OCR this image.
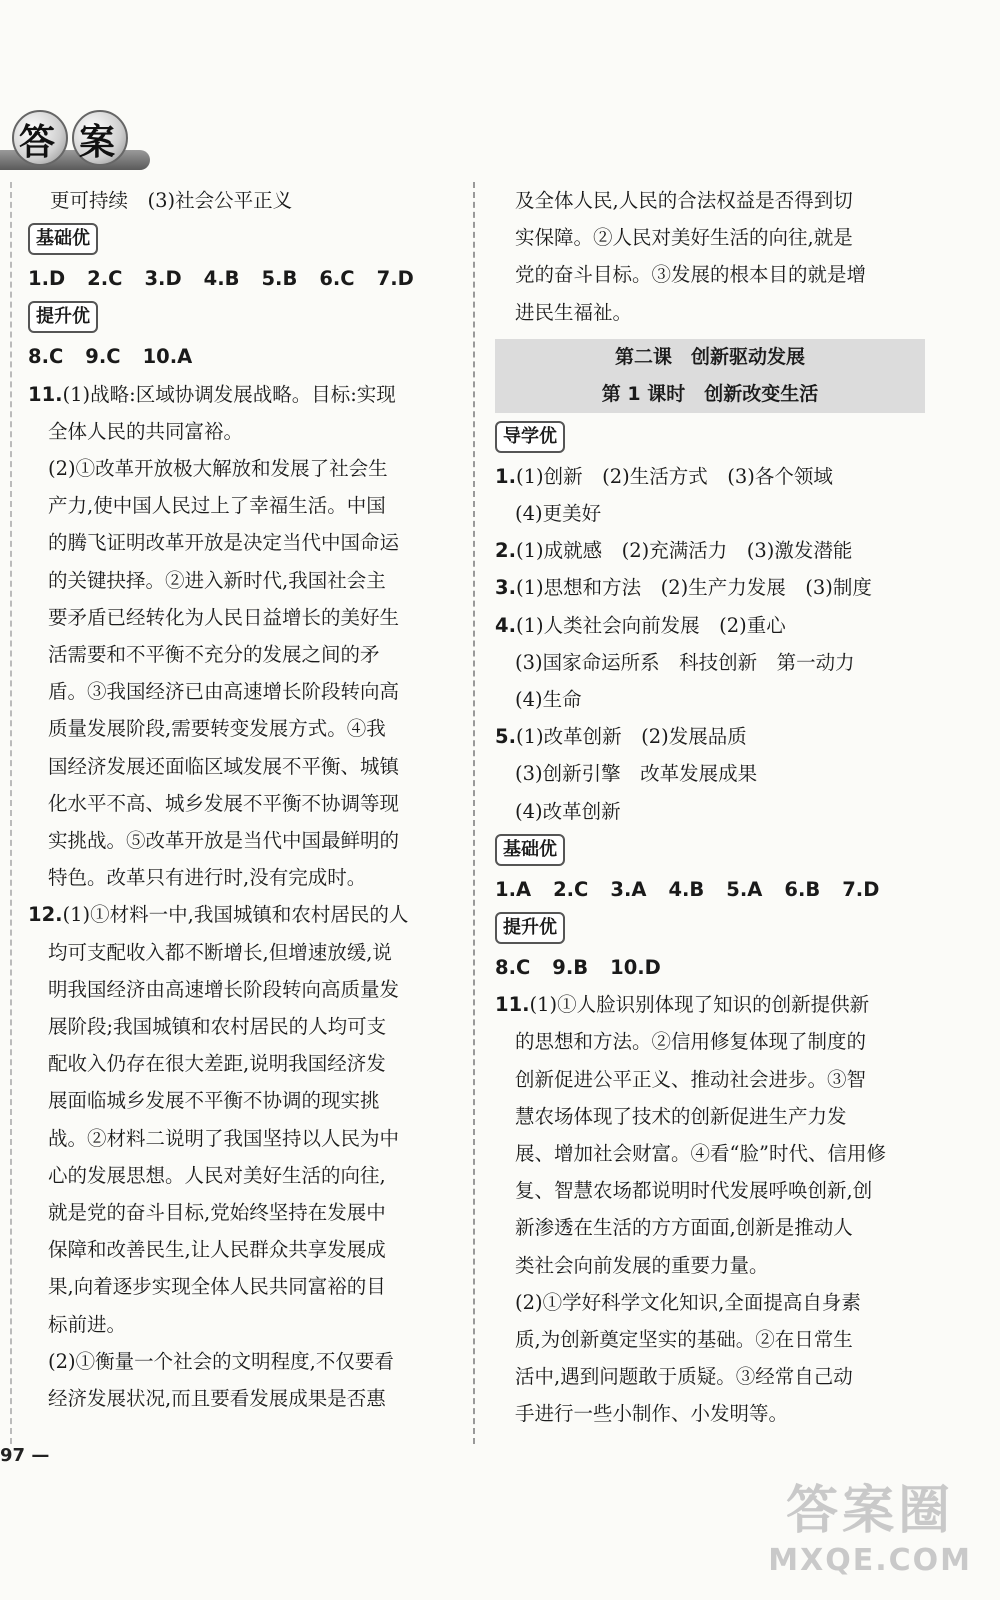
答 案
更可持续　(3)社会公平正义
基础优
1.D 2.C 3.D 4.B 5.B 6.C 7.D
提升优
8.C 9.C 10.A
11.(1)战略:区域协调发展战略。目标:实现
全体人民的共同富裕。
(2)①改革开放极大解放和发展了社会生
产力,使中国人民过上了幸福生活。中国
的腾飞证明改革开放是决定当代中国命运
的关键抉择。②进入新时代,我国社会主
要矛盾已经转化为人民日益增长的美好生
活需要和不平衡不充分的发展之间的矛
盾。③我国经济已由高速增长阶段转向高
质量发展阶段,需要转变发展方式。④我
国经济发展还面临区域发展不平衡、城镇
化水平不高、城乡发展不平衡不协调等现
实挑战。⑤改革开放是当代中国最鲜明的
特色。改革只有进行时,没有完成时。
12.(1)①材料一中,我国城镇和农村居民的人
均可支配收入都不断增长,但增速放缓,说
明我国经济由高速增长阶段转向高质量发
展阶段;我国城镇和农村居民的人均可支
配收入仍存在很大差距,说明我国经济发
展面临城乡发展不平衡不协调的现实挑
战。②材料二说明了我国坚持以人民为中
心的发展思想。人民对美好生活的向往,
就是党的奋斗目标,党始终坚持在发展中
保障和改善民生,让人民群众共享发展成
果,向着逐步实现全体人民共同富裕的目
标前进。
(2)①衡量一个社会的文明程度,不仅要看
经济发展状况,而且要看发展成果是否惠
及全体人民,人民的合法权益是否得到切
实保障。②人民对美好生活的向往,就是
党的奋斗目标。③发展的根本目的就是增
进民生福祉。
第二课　创新驱动发展
第 1 课时　创新改变生活
导学优
1.(1)创新　(2)生活方式　(3)各个领域
(4)更美好
2.(1)成就感　(2)充满活力　(3)激发潜能
3.(1)思想和方法　(2)生产力发展　(3)制度
4.(1)人类社会向前发展　(2)重心
(3)国家命运所系　科技创新　第一动力
(4)生命
5.(1)改革创新　(2)发展品质
(3)创新引擎　改革发展成果
(4)改革创新
基础优
1.A 2.C 3.A 4.B 5.A 6.B 7.D
提升优
8.C 9.B 10.D
11.(1)①人脸识别体现了知识的创新提供新
的思想和方法。②信用修复体现了制度的
创新促进公平正义、推动社会进步。③智
慧农场体现了技术的创新促进生产力发
展、增加社会财富。④看“脸”时代、信用修
复、智慧农场都说明时代发展呼唤创新,创
新渗透在生活的方方面面,创新是推动人
类社会向前发展的重要力量。
(2)①学好科学文化知识,全面提高自身素
质,为创新奠定坚实的基础。②在日常生
活中,遇到问题敢于质疑。③经常自己动
手进行一些小制作、小发明等。
97 —
答案圈
MXQE.COM
